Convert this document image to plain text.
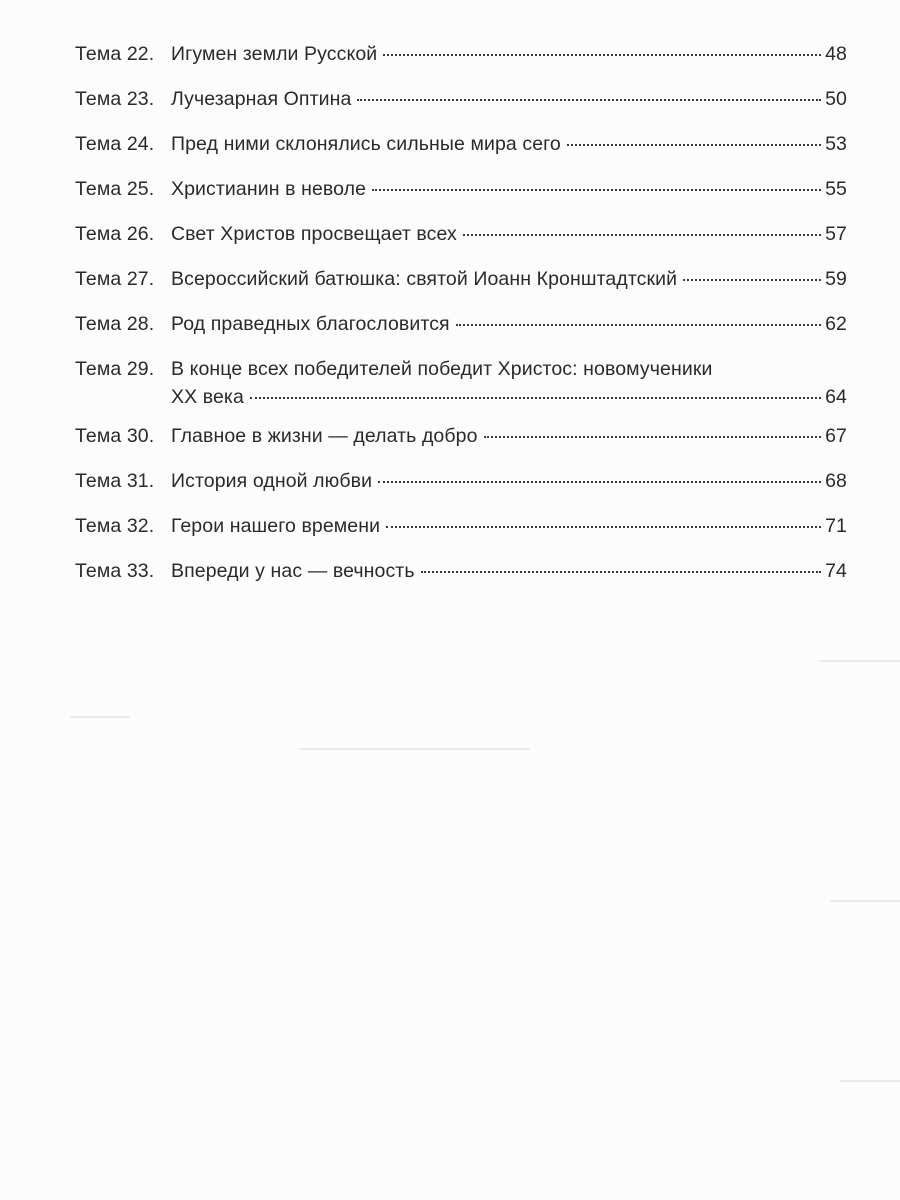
Тема 22. Игумен земли Русской	48
Тема 23. Лучезарная Оптина	50
Тема 24. Пред ними склонялись сильные мира сего	53
Тема 25. Христианин в неволе	55
Тема 26. Свет Христов просвещает всех	57
Тема 27. Всероссийский батюшка: святой Иоанн Кронштадтский	59
Тема 28. Род праведных благословится	62
Тема 29. В конце всех победителей победит Христос: новомученики
XX века	64
Тема 30. Главное в жизни — делать добро	67
Тема 31. История одной любви	68
Тема 32. Герои нашего времени	71
Тема 33. Впереди у нас — вечность	74
